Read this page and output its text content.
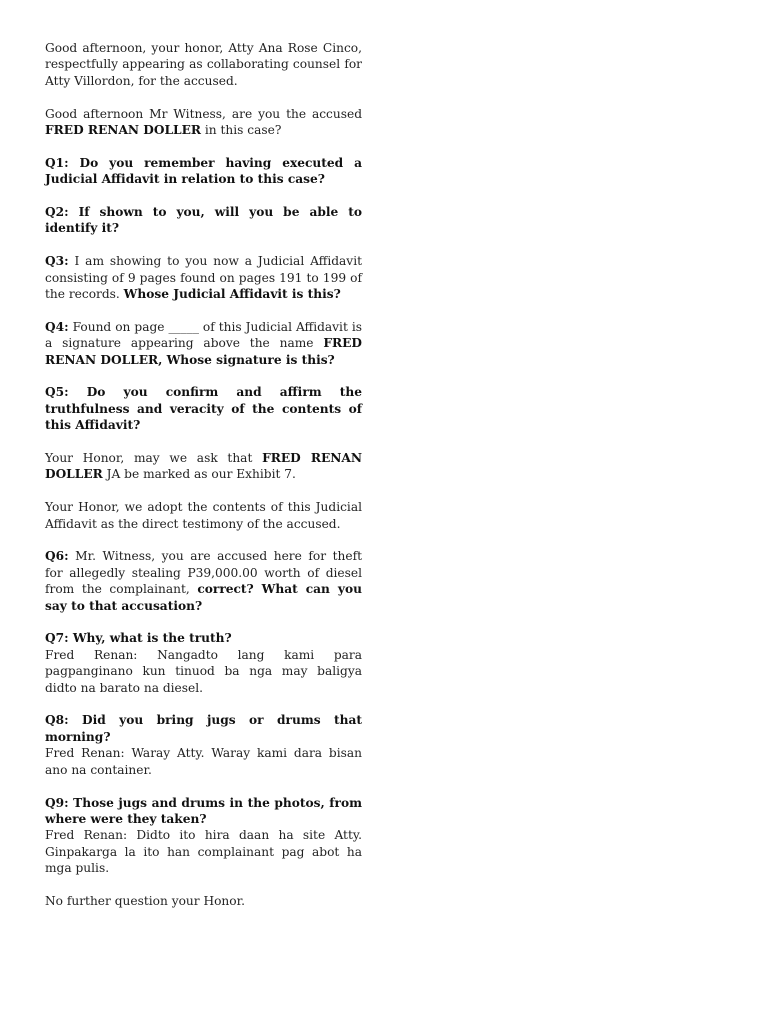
Good afternoon, your honor, Atty Ana Rose Cinco, respectfully appearing as collaborating counsel for Atty Villordon, for the accused.

Good afternoon Mr Witness, are you the accused FRED RENAN DOLLER in this case?

Q1: Do you remember having executed a Judicial Affidavit in relation to this case?

Q2: If shown to you, will you be able to identify it?

Q3: I am showing to you now a Judicial Affidavit consisting of 9 pages found on pages 191 to 199 of the records. Whose Judicial Affidavit is this?

Q4: Found on page _____ of this Judicial Affidavit is a signature appearing above the name FRED RENAN DOLLER, Whose signature is this?

Q5: Do you confirm and affirm the truthfulness and veracity of the contents of this Affidavit?

Your Honor, may we ask that FRED RENAN DOLLER JA be marked as our Exhibit 7.

Your Honor, we adopt the contents of this Judicial Affidavit as the direct testimony of the accused.

Q6: Mr. Witness, you are accused here for theft for allegedly stealing P39,000.00 worth of diesel from the complainant, correct? What can you say to that accusation?

Q7: Why, what is the truth?
Fred Renan: Nangadto lang kami para pagpanginano kun tinuod ba nga may baligya didto na barato na diesel.

Q8: Did you bring jugs or drums that morning?
Fred Renan: Waray Atty. Waray kami dara bisan ano na container.

Q9: Those jugs and drums in the photos, from where were they taken?
Fred Renan: Didto ito hira daan ha site Atty. Ginpakarga la ito han complainant pag abot ha mga pulis.

No further question your Honor.
